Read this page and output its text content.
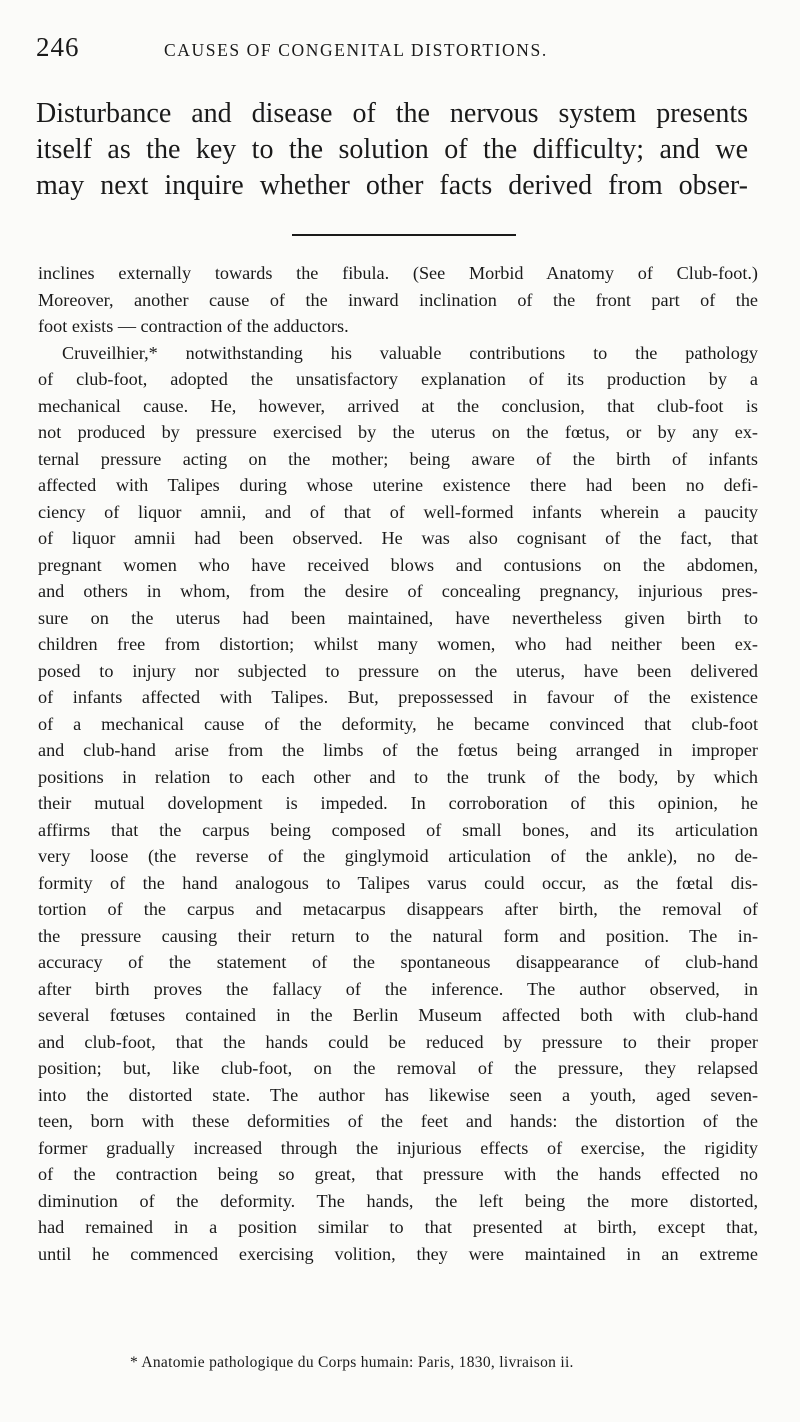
246	CAUSES OF CONGENITAL DISTORTIONS.
Disturbance and disease of the nervous system presents
itself as the key to the solution of the difficulty; and we
may next inquire whether other facts derived from obser-
inclines externally towards the fibula. (See Morbid Anatomy of Club-foot.)
Moreover, another cause of the inward inclination of the front part of the
foot exists — contraction of the adductors.
Cruveilhier,* notwithstanding his valuable contributions to the pathology
of club-foot, adopted the unsatisfactory explanation of its production by a
mechanical cause. He, however, arrived at the conclusion, that club-foot is
not produced by pressure exercised by the uterus on the fœtus, or by any ex-
ternal pressure acting on the mother; being aware of the birth of infants
affected with Talipes during whose uterine existence there had been no defi-
ciency of liquor amnii, and of that of well-formed infants wherein a paucity
of liquor amnii had been observed. He was also cognisant of the fact, that
pregnant women who have received blows and contusions on the abdomen,
and others in whom, from the desire of concealing pregnancy, injurious pres-
sure on the uterus had been maintained, have nevertheless given birth to
children free from distortion; whilst many women, who had neither been ex-
posed to injury nor subjected to pressure on the uterus, have been delivered
of infants affected with Talipes. But, prepossessed in favour of the existence
of a mechanical cause of the deformity, he became convinced that club-foot
and club-hand arise from the limbs of the fœtus being arranged in improper
positions in relation to each other and to the trunk of the body, by which
their mutual dovelopment is impeded. In corroboration of this opinion, he
affirms that the carpus being composed of small bones, and its articulation
very loose (the reverse of the ginglymoid articulation of the ankle), no de-
formity of the hand analogous to Talipes varus could occur, as the fœtal dis-
tortion of the carpus and metacarpus disappears after birth, the removal of
the pressure causing their return to the natural form and position. The in-
accuracy of the statement of the spontaneous disappearance of club-hand
after birth proves the fallacy of the inference. The author observed, in
several fœtuses contained in the Berlin Museum affected both with club-hand
and club-foot, that the hands could be reduced by pressure to their proper
position; but, like club-foot, on the removal of the pressure, they relapsed
into the distorted state. The author has likewise seen a youth, aged seven-
teen, born with these deformities of the feet and hands: the distortion of the
former gradually increased through the injurious effects of exercise, the rigidity
of the contraction being so great, that pressure with the hands effected no
diminution of the deformity. The hands, the left being the more distorted,
had remained in a position similar to that presented at birth, except that,
until he commenced exercising volition, they were maintained in an extreme
* Anatomie pathologique du Corps humain: Paris, 1830, livraison ii.
